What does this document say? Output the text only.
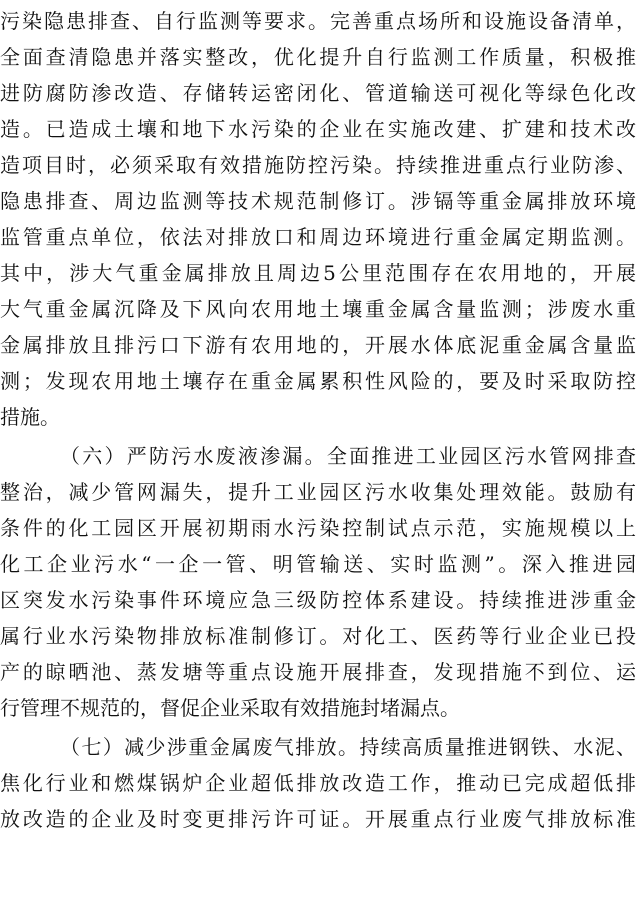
污染隐患排查、自行监测等要求。完善重点场所和设施设备清单，
全面查清隐患并落实整改，优化提升自行监测工作质量，积极推
进防腐防渗改造、存储转运密闭化、管道输送可视化等绿色化改
造。已造成土壤和地下水污染的企业在实施改建、扩建和技术改
造项目时，必须采取有效措施防控污染。持续推进重点行业防渗、
隐患排查、周边监测等技术规范制修订。涉镉等重金属排放环境
监管重点单位，依法对排放口和周边环境进行重金属定期监测。
其中，涉大气重金属排放且周边5公里范围存在农用地的，开展
大气重金属沉降及下风向农用地土壤重金属含量监测；涉废水重
金属排放且排污口下游有农用地的，开展水体底泥重金属含量监
测；发现农用地土壤存在重金属累积性风险的，要及时采取防控
措施。
（六）严防污水废液渗漏。全面推进工业园区污水管网排查
整治，减少管网漏失，提升工业园区污水收集处理效能。鼓励有
条件的化工园区开展初期雨水污染控制试点示范，实施规模以上
化工企业污水“一企一管、明管输送、实时监测”。深入推进园
区突发水污染事件环境应急三级防控体系建设。持续推进涉重金
属行业水污染物排放标准制修订。对化工、医药等行业企业已投
产的晾晒池、蒸发塘等重点设施开展排查，发现措施不到位、运
行管理不规范的，督促企业采取有效措施封堵漏点。
（七）减少涉重金属废气排放。持续高质量推进钢铁、水泥、
焦化行业和燃煤锅炉企业超低排放改造工作，推动已完成超低排
放改造的企业及时变更排污许可证。开展重点行业废气排放标准
